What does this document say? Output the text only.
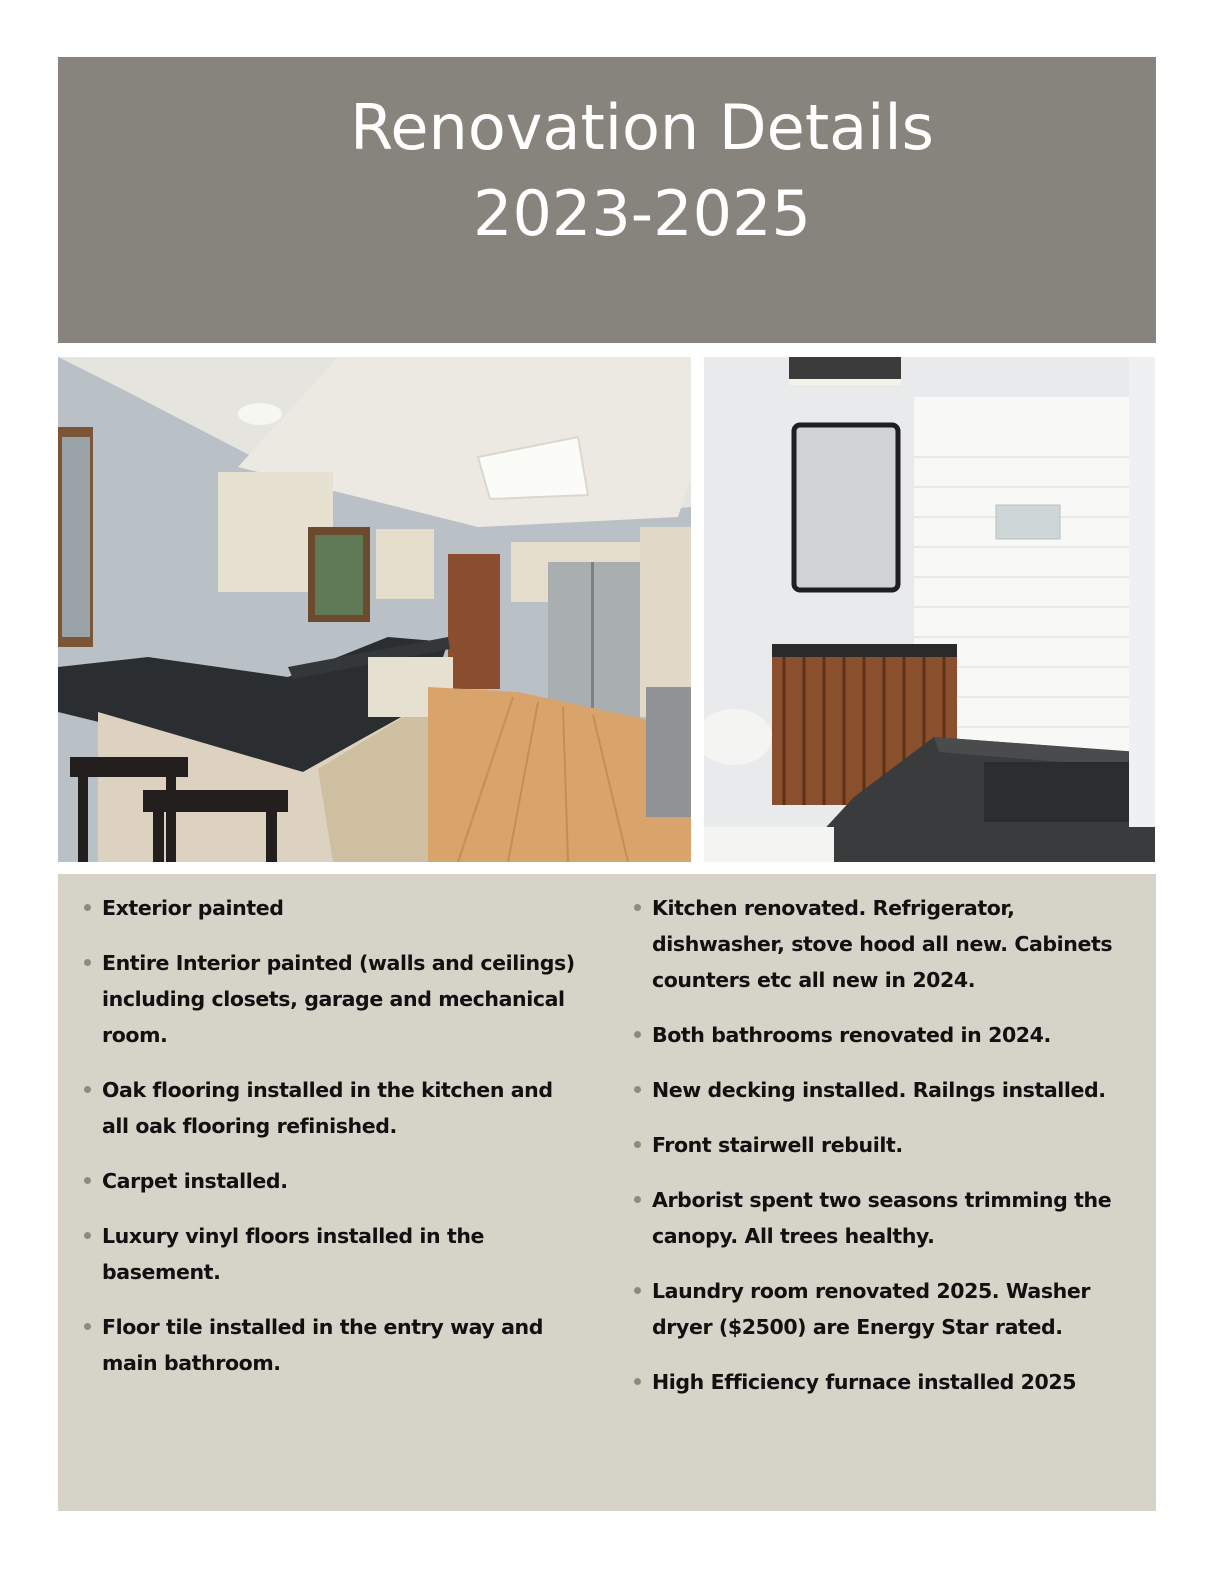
Renovation Details
2023-2025
Exterior painted
Entire Interior painted (walls and ceilings) including closets, garage and mechanical room.
Oak flooring installed in the kitchen and all oak flooring refinished.
Carpet installed.
Luxury vinyl floors installed in the basement.
Floor tile installed in the entry way and main bathroom.
Kitchen renovated. Refrigerator, dishwasher, stove hood all new. Cabinets counters etc all new in 2024.
Both bathrooms renovated in 2024.
New decking installed. Railngs installed.
Front stairwell rebuilt.
Arborist spent two seasons trimming the canopy. All trees healthy.
Laundry room renovated 2025. Washer dryer ($2500) are Energy Star rated.
High Efficiency furnace installed 2025
